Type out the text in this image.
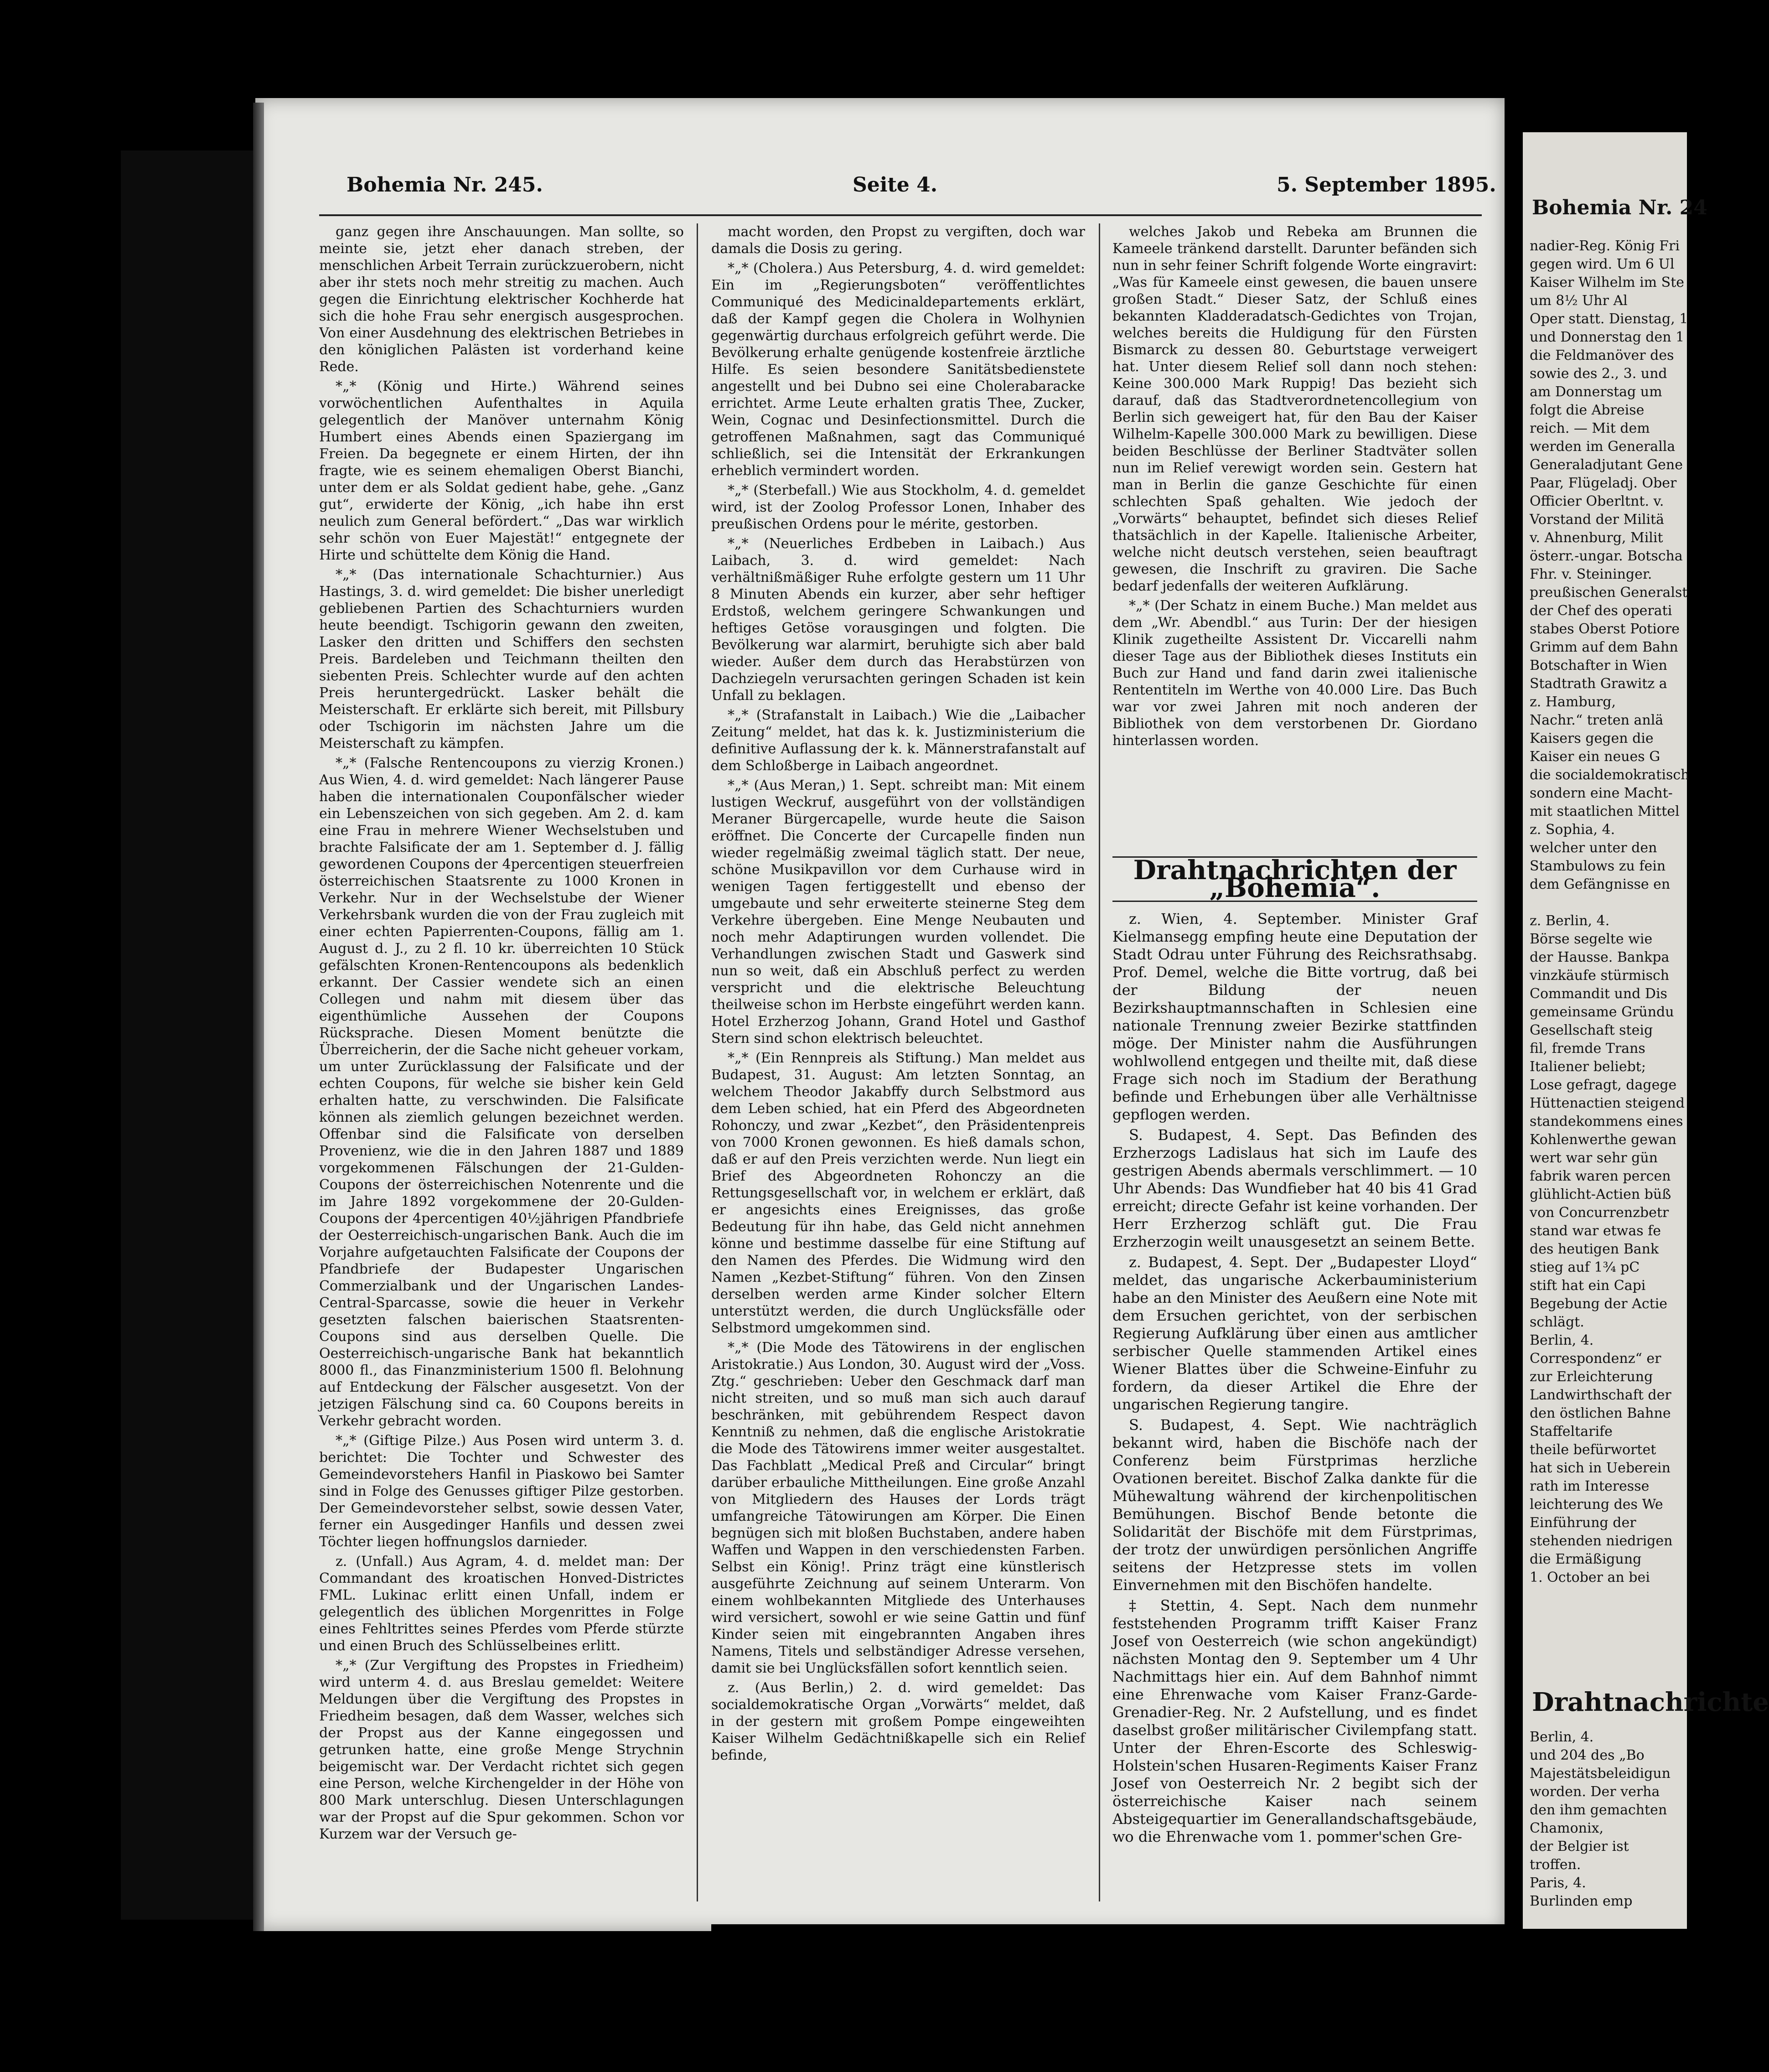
Bohemia Nr. 245.	Seite 4.	5. September 1895.

ganz gegen ihre Anschauungen. Man sollte, so meinte sie, jetzt eher danach streben, der menschlichen Arbeit Terrain zurückzuerobern, nicht aber ihr stets noch mehr streitig zu machen. Auch gegen die Einrichtung elektrischer Kochherde hat sich die hohe Frau sehr energisch ausgesprochen. Von einer Ausdehnung des elektrischen Betriebes in den königlichen Palästen ist vorderhand keine Rede.

*„* (König und Hirte.) Während seines vorwöchentlichen Aufenthaltes in Aquila gelegentlich der Manöver unternahm König Humbert eines Abends einen Spaziergang im Freien. Da begegnete er einem Hirten, der ihn fragte, wie es seinem ehemaligen Oberst Bianchi, unter dem er als Soldat gedient habe, gehe. „Ganz gut“, erwiderte der König, „ich habe ihn erst neulich zum General befördert.“ „Das war wirklich sehr schön von Euer Majestät!“ entgegnete der Hirte und schüttelte dem König die Hand.

*„* (Das internationale Schachturnier.) Aus Hastings, 3. d. wird gemeldet: Die bisher unerledigt gebliebenen Partien des Schachturniers wurden heute beendigt. Tschigorin gewann den zweiten, Lasker den dritten und Schiffers den sechsten Preis. Bardeleben und Teichmann theilten den siebenten Preis. Schlechter wurde auf den achten Preis heruntergedrückt. Lasker behält die Meisterschaft. Er erklärte sich bereit, mit Pillsbury oder Tschigorin im nächsten Jahre um die Meisterschaft zu kämpfen.

*„* (Falsche Rentencoupons zu vierzig Kronen.) Aus Wien, 4. d. wird gemeldet: Nach längerer Pause haben die internationalen Couponfälscher wieder ein Lebenszeichen von sich gegeben. Am 2. d. kam eine Frau in mehrere Wiener Wechselstuben und brachte Falsificate der am 1. September d. J. fällig gewordenen Coupons der 4percentigen steuerfreien österreichischen Staatsrente zu 1000 Kronen in Verkehr. Nur in der Wechselstube der Wiener Verkehrsbank wurden die von der Frau zugleich mit einer echten Papierrenten-Coupons, fällig am 1. August d. J., zu 2 fl. 10 kr. überreichten 10 Stück gefälschten Kronen-Rentencoupons als bedenklich erkannt. Der Cassier wendete sich an einen Collegen und nahm mit diesem über das eigenthümliche Aussehen der Coupons Rücksprache. Diesen Moment benützte die Überreicherin, der die Sache nicht geheuer vorkam, um unter Zurücklassung der Falsificate und der echten Coupons, für welche sie bisher kein Geld erhalten hatte, zu verschwinden. Die Falsificate können als ziemlich gelungen bezeichnet werden. Offenbar sind die Falsificate von derselben Provenienz, wie die in den Jahren 1887 und 1889 vorgekommenen Fälschungen der 21-Gulden-Coupons der österreichischen Notenrente und die im Jahre 1892 vorgekommene der 20-Gulden-Coupons der 4percentigen 40½jährigen Pfandbriefe der Oesterreichisch-ungarischen Bank. Auch die im Vorjahre aufgetauchten Falsificate der Coupons der Pfandbriefe der Budapester Ungarischen Commerzialbank und der Ungarischen Landes-Central-Sparcasse, sowie die heuer in Verkehr gesetzten falschen baierischen Staatsrenten-Coupons sind aus derselben Quelle. Die Oesterreichisch-ungarische Bank hat bekanntlich 8000 fl., das Finanzministerium 1500 fl. Belohnung auf Entdeckung der Fälscher ausgesetzt. Von der jetzigen Fälschung sind ca. 60 Coupons bereits in Verkehr gebracht worden.

*„* (Giftige Pilze.) Aus Posen wird unterm 3. d. berichtet: Die Tochter und Schwester des Gemeindevorstehers Hanfil in Piaskowo bei Samter sind in Folge des Genusses giftiger Pilze gestorben. Der Gemeindevorsteher selbst, sowie dessen Vater, ferner ein Ausgedinger Hanfils und dessen zwei Töchter liegen hoffnungslos darnieder.

z. (Unfall.) Aus Agram, 4. d. meldet man: Der Commandant des kroatischen Honved-Districtes FML. Lukinac erlitt einen Unfall, indem er gelegentlich des üblichen Morgenrittes in Folge eines Fehltrittes seines Pferdes vom Pferde stürzte und einen Bruch des Schlüsselbeines erlitt.

*„* (Zur Vergiftung des Propstes in Friedheim) wird unterm 4. d. aus Breslau gemeldet: Weitere Meldungen über die Vergiftung des Propstes in Friedheim besagen, daß dem Wasser, welches sich der Propst aus der Kanne eingegossen und getrunken hatte, eine große Menge Strychnin beigemischt war. Der Verdacht richtet sich gegen eine Person, welche Kirchengelder in der Höhe von 800 Mark unterschlug. Diesen Unterschlagungen war der Propst auf die Spur gekommen. Schon vor Kurzem war der Versuch ge-

macht worden, den Propst zu vergiften, doch war damals die Dosis zu gering.

*„* (Cholera.) Aus Petersburg, 4. d. wird gemeldet: Ein im „Regierungsboten“ veröffentlichtes Communiqué des Medicinaldepartements erklärt, daß der Kampf gegen die Cholera in Wolhynien gegenwärtig durchaus erfolgreich geführt werde. Die Bevölkerung erhalte genügende kostenfreie ärztliche Hilfe. Es seien besondere Sanitätsbedienstete angestellt und bei Dubno sei eine Cholerabaracke errichtet. Arme Leute erhalten gratis Thee, Zucker, Wein, Cognac und Desinfectionsmittel. Durch die getroffenen Maßnahmen, sagt das Communiqué schließlich, sei die Intensität der Erkrankungen erheblich vermindert worden.

*„* (Sterbefall.) Wie aus Stockholm, 4. d. gemeldet wird, ist der Zoolog Professor Lonen, Inhaber des preußischen Ordens pour le mérite, gestorben.

*„* (Neuerliches Erdbeben in Laibach.) Aus Laibach, 3. d. wird gemeldet: Nach verhältnißmäßiger Ruhe erfolgte gestern um 11 Uhr 8 Minuten Abends ein kurzer, aber sehr heftiger Erdstoß, welchem geringere Schwankungen und heftiges Getöse vorausgingen und folgten. Die Bevölkerung war alarmirt, beruhigte sich aber bald wieder. Außer dem durch das Herabstürzen von Dachziegeln verursachten geringen Schaden ist kein Unfall zu beklagen.

*„* (Strafanstalt in Laibach.) Wie die „Laibacher Zeitung“ meldet, hat das k. k. Justizministerium die definitive Auflassung der k. k. Männerstrafanstalt auf dem Schloßberge in Laibach angeordnet.

*„* (Aus Meran,) 1. Sept. schreibt man: Mit einem lustigen Weckruf, ausgeführt von der vollständigen Meraner Bürgercapelle, wurde heute die Saison eröffnet. Die Concerte der Curcapelle finden nun wieder regelmäßig zweimal täglich statt. Der neue, schöne Musikpavillon vor dem Curhause wird in wenigen Tagen fertiggestellt und ebenso der umgebaute und sehr erweiterte steinerne Steg dem Verkehre übergeben. Eine Menge Neubauten und noch mehr Adaptirungen wurden vollendet. Die Verhandlungen zwischen Stadt und Gaswerk sind nun so weit, daß ein Abschluß perfect zu werden verspricht und die elektrische Beleuchtung theilweise schon im Herbste eingeführt werden kann. Hotel Erzherzog Johann, Grand Hotel und Gasthof Stern sind schon elektrisch beleuchtet.

*„* (Ein Rennpreis als Stiftung.) Man meldet aus Budapest, 31. August: Am letzten Sonntag, an welchem Theodor Jakabffy durch Selbstmord aus dem Leben schied, hat ein Pferd des Abgeordneten Rohonczy, und zwar „Kezbet“, den Präsidentenpreis von 7000 Kronen gewonnen. Es hieß damals schon, daß er auf den Preis verzichten werde. Nun liegt ein Brief des Abgeordneten Rohonczy an die Rettungsgesellschaft vor, in welchem er erklärt, daß er angesichts eines Ereignisses, das große Bedeutung für ihn habe, das Geld nicht annehmen könne und bestimme dasselbe für eine Stiftung auf den Namen des Pferdes. Die Widmung wird den Namen „Kezbet-Stiftung“ führen. Von den Zinsen derselben werden arme Kinder solcher Eltern unterstützt werden, die durch Unglücksfälle oder Selbstmord umgekommen sind.

*„* (Die Mode des Tätowirens in der englischen Aristokratie.) Aus London, 30. August wird der „Voss. Ztg.“ geschrieben: Ueber den Geschmack darf man nicht streiten, und so muß man sich auch darauf beschränken, mit gebührendem Respect davon Kenntniß zu nehmen, daß die englische Aristokratie die Mode des Tätowirens immer weiter ausgestaltet. Das Fachblatt „Medical Preß and Circular“ bringt darüber erbauliche Mittheilungen. Eine große Anzahl von Mitgliedern des Hauses der Lords trägt umfangreiche Tätowirungen am Körper. Die Einen begnügen sich mit bloßen Buchstaben, andere haben Waffen und Wappen in den verschiedensten Farben. Selbst ein König!. Prinz trägt eine künstlerisch ausgeführte Zeichnung auf seinem Unterarm. Von einem wohlbekannten Mitgliede des Unterhauses wird versichert, sowohl er wie seine Gattin und fünf Kinder seien mit eingebrannten Angaben ihres Namens, Titels und selbständiger Adresse versehen, damit sie bei Unglücksfällen sofort kenntlich seien.

z. (Aus Berlin,) 2. d. wird gemeldet: Das socialdemokratische Organ „Vorwärts“ meldet, daß in der gestern mit großem Pompe eingeweihten Kaiser Wilhelm Gedächtnißkapelle sich ein Relief befinde,

welches Jakob und Rebeka am Brunnen die Kameele tränkend darstellt. Darunter befänden sich nun in sehr feiner Schrift folgende Worte eingravirt: „Was für Kameele einst gewesen, die bauen unsere großen Stadt.“ Dieser Satz, der Schluß eines bekannten Kladderadatsch-Gedichtes von Trojan, welches bereits die Huldigung für den Fürsten Bismarck zu dessen 80. Geburtstage verweigert hat. Unter diesem Relief soll dann noch stehen: Keine 300.000 Mark Ruppig! Das bezieht sich darauf, daß das Stadtverordnetencollegium von Berlin sich geweigert hat, für den Bau der Kaiser Wilhelm-Kapelle 300.000 Mark zu bewilligen. Diese beiden Beschlüsse der Berliner Stadtväter sollen nun im Relief verewigt worden sein. Gestern hat man in Berlin die ganze Geschichte für einen schlechten Spaß gehalten. Wie jedoch der „Vorwärts“ behauptet, befindet sich dieses Relief thatsächlich in der Kapelle. Italienische Arbeiter, welche nicht deutsch verstehen, seien beauftragt gewesen, die Inschrift zu graviren. Die Sache bedarf jedenfalls der weiteren Aufklärung.

*„* (Der Schatz in einem Buche.) Man meldet aus dem „Wr. Abendbl.“ aus Turin: Der der hiesigen Klinik zugetheilte Assistent Dr. Viccarelli nahm dieser Tage aus der Bibliothek dieses Instituts ein Buch zur Hand und fand darin zwei italienische Rententiteln im Werthe von 40.000 Lire. Das Buch war vor zwei Jahren mit noch anderen der Bibliothek von dem verstorbenen Dr. Giordano hinterlassen worden.

Drahtnachrichten der „Bohemia“.

z. Wien, 4. September. Minister Graf Kielmansegg empfing heute eine Deputation der Stadt Odrau unter Führung des Reichsrathsabg. Prof. Demel, welche die Bitte vortrug, daß bei der Bildung der neuen Bezirkshauptmannschaften in Schlesien eine nationale Trennung zweier Bezirke stattfinden möge. Der Minister nahm die Ausführungen wohlwollend entgegen und theilte mit, daß diese Frage sich noch im Stadium der Berathung befinde und Erhebungen über alle Verhältnisse gepflogen werden.

S. Budapest, 4. Sept. Das Befinden des Erzherzogs Ladislaus hat sich im Laufe des gestrigen Abends abermals verschlimmert. — 10 Uhr Abends: Das Wundfieber hat 40 bis 41 Grad erreicht; directe Gefahr ist keine vorhanden. Der Herr Erzherzog schläft gut. Die Frau Erzherzogin weilt unausgesetzt an seinem Bette.

z. Budapest, 4. Sept. Der „Budapester Lloyd“ meldet, das ungarische Ackerbauministerium habe an den Minister des Aeußern eine Note mit dem Ersuchen gerichtet, von der serbischen Regierung Aufklärung über einen aus amtlicher serbischer Quelle stammenden Artikel eines Wiener Blattes über die Schweine-Einfuhr zu fordern, da dieser Artikel die Ehre der ungarischen Regierung tangire.

S. Budapest, 4. Sept. Wie nachträglich bekannt wird, haben die Bischöfe nach der Conferenz beim Fürstprimas herzliche Ovationen bereitet. Bischof Zalka dankte für die Mühewaltung während der kirchenpolitischen Bemühungen. Bischof Bende betonte die Solidarität der Bischöfe mit dem Fürstprimas, der trotz der unwürdigen persönlichen Angriffe seitens der Hetzpresse stets im vollen Einvernehmen mit den Bischöfen handelte.

‡ Stettin, 4. Sept. Nach dem nunmehr feststehenden Programm trifft Kaiser Franz Josef von Oesterreich (wie schon angekündigt) nächsten Montag den 9. September um 4 Uhr Nachmittags hier ein. Auf dem Bahnhof nimmt eine Ehrenwache vom Kaiser Franz-Garde-Grenadier-Reg. Nr. 2 Aufstellung, und es findet daselbst großer militärischer Civilempfang statt. Unter der Ehren-Escorte des Schleswig-Holstein'schen Husaren-Regiments Kaiser Franz Josef von Oesterreich Nr. 2 begibt sich der österreichische Kaiser nach seinem Absteigequartier im Generallandschaftsgebäude, wo die Ehrenwache vom 1. pommer'schen Gre-

Bohemia Nr. 24
nadier-Reg. König Fri
gegen wird. Um 6 Ul
Kaiser Wilhelm im Ste
um 8½ Uhr Al
Oper statt. Dienstag, 1
und Donnerstag den 1
die Feldmanöver des
sowie des 2., 3. und
am Donnerstag um
folgt die Abreise
reich. — Mit dem
werden im Generalla
Generaladjutant Gene
Paar, Flügeladj. Ober
Officier Oberltnt. v.
Vorstand der Militä
v. Ahnenburg, Milit
österr.-ungar. Botscha
Fhr. v. Steininger.
preußischen Generalst
der Chef des operati
stabes Oberst Potiore
Grimm auf dem Bahn
Botschafter in Wien
Stadtrath Grawitz a
z. Hamburg,
Nachr.“ treten anlä
Kaisers gegen die
Kaiser ein neues G
die socialdemokratisch
sondern eine Macht-
mit staatlichen Mittel
z. Sophia, 4.
welcher unter den
Stambulows zu fein
dem Gefängnisse en

z. Berlin, 4.
Börse segelte wie
der Hausse. Bankpa
vinzkäufe stürmisch
Commandit und Dis
gemeinsame Gründu
Gesellschaft steig
fil, fremde Trans
Italiener beliebt;
Lose gefragt, dagege
Hüttenactien steigend
standekommens eines
Kohlenwerthe gewan
wert war sehr gün
fabrik waren percen
glühlicht-Actien büß
von Concurrenzbetr
stand war etwas fe
des heutigen Bank
stieg auf 1¾ pC
stift hat ein Capi
Begebung der Actie
schlägt.
Berlin, 4.
Correspondenz“ er
zur Erleichterung
Landwirthschaft der
den östlichen Bahne
Staffeltarife
theile befürwortet
hat sich in Ueberein
rath im Interesse
leichterung des We
Einführung der
stehenden niedrigen
die Ermäßigung
1. October an bei
Drahtnachrichte
Berlin, 4.
und 204 des „Bo
Majestätsbeleidigun
worden. Der verha
den ihm gemachten
Chamonix,
der Belgier ist
troffen.
Paris, 4.
Burlinden emp
